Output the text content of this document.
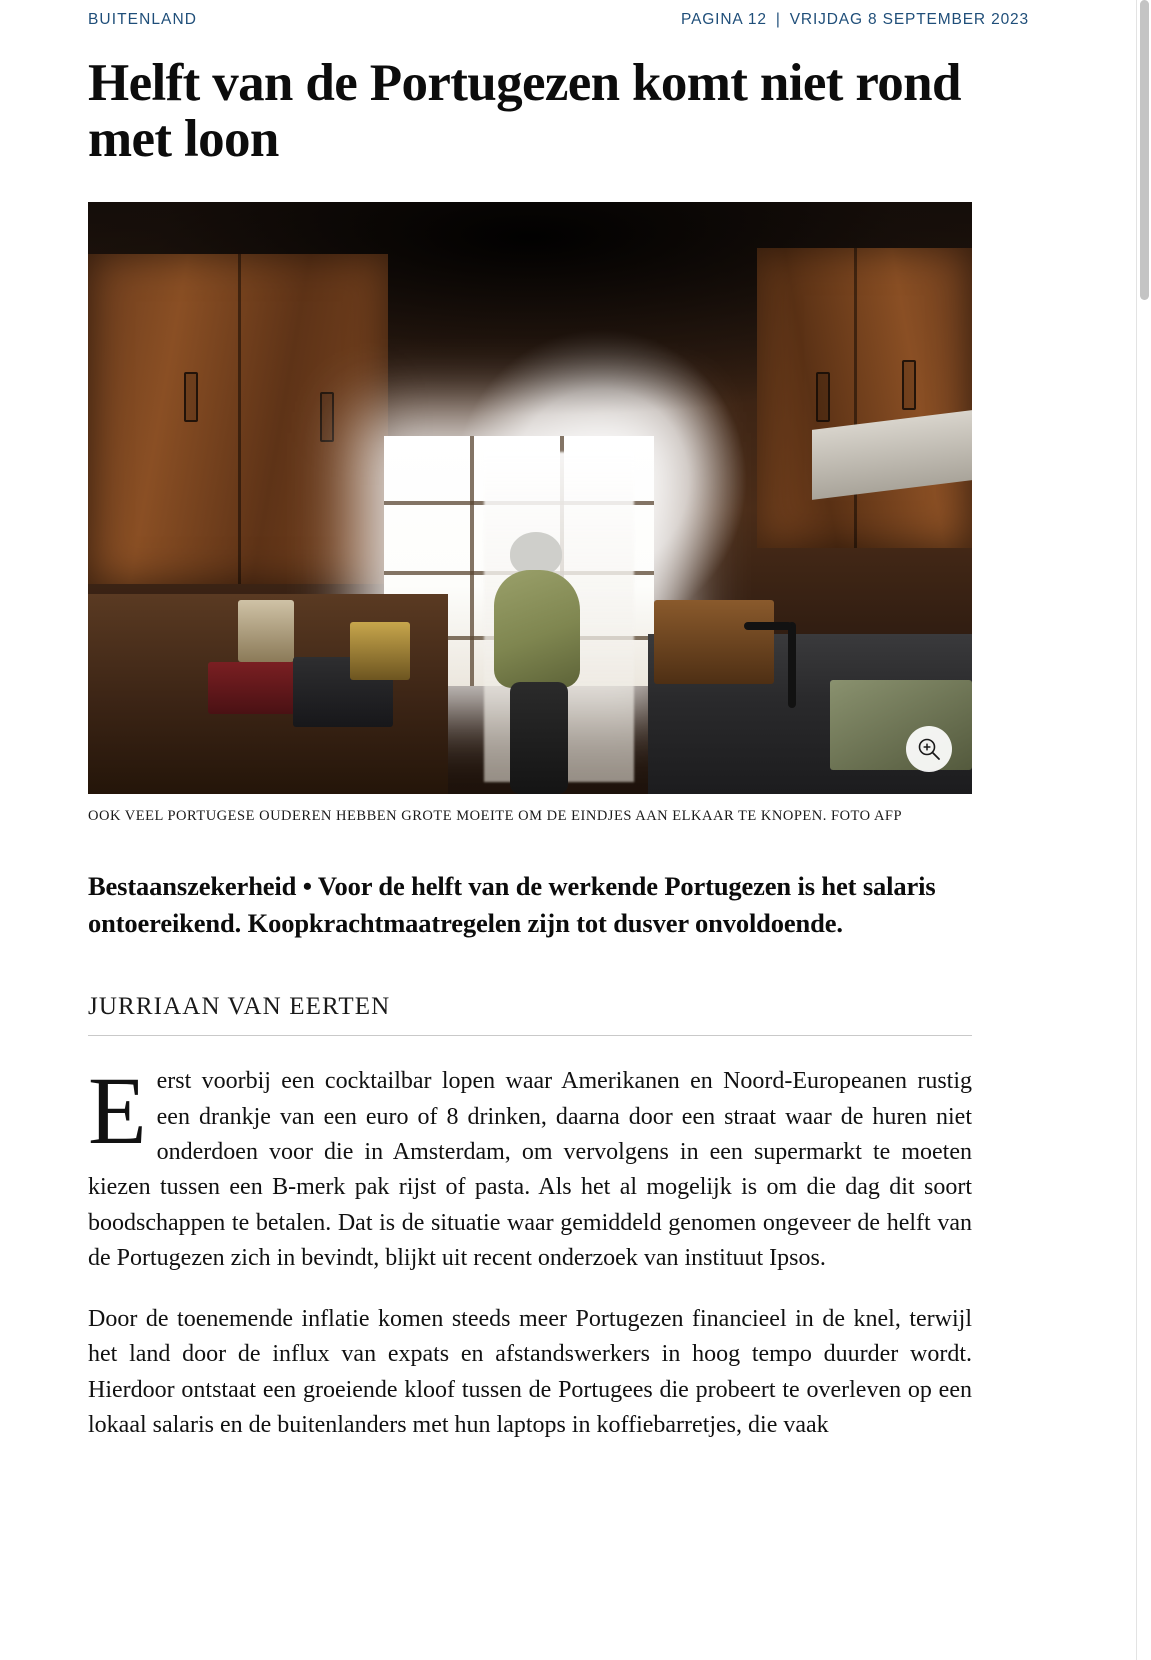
BUITENLAND	PAGINA 12 | VRIJDAG 8 SEPTEMBER 2023
Helft van de Portugezen komt niet rond met loon
OOK VEEL PORTUGESE OUDEREN HEBBEN GROTE MOEITE OM DE EINDJES AAN ELKAAR TE KNOPEN. FOTO AFP
Bestaanszekerheid • Voor de helft van de werkende Portugezen is het salaris ontoereikend. Koopkrachtmaatregelen zijn tot dusver onvoldoende.
JURRIAAN VAN EERTEN

Eerst voorbij een cocktailbar lopen waar Amerikanen en Noord-Europeanen rustig een drankje van een euro of 8 drinken, daarna door een straat waar de huren niet onderdoen voor die in Amsterdam, om vervolgens in een supermarkt te moeten kiezen tussen een B-merk pak rijst of pasta. Als het al mogelijk is om die dag dit soort boodschappen te betalen. Dat is de situatie waar gemiddeld genomen ongeveer de helft van de Portugezen zich in bevindt, blijkt uit recent onderzoek van instituut Ipsos.

Door de toenemende inflatie komen steeds meer Portugezen financieel in de knel, terwijl het land door de influx van expats en afstandswerkers in hoog tempo duurder wordt. Hierdoor ontstaat een groeiende kloof tussen de Portugees die probeert te overleven op een lokaal salaris en de buitenlanders met hun laptops in koffiebarretjes, die vaak
